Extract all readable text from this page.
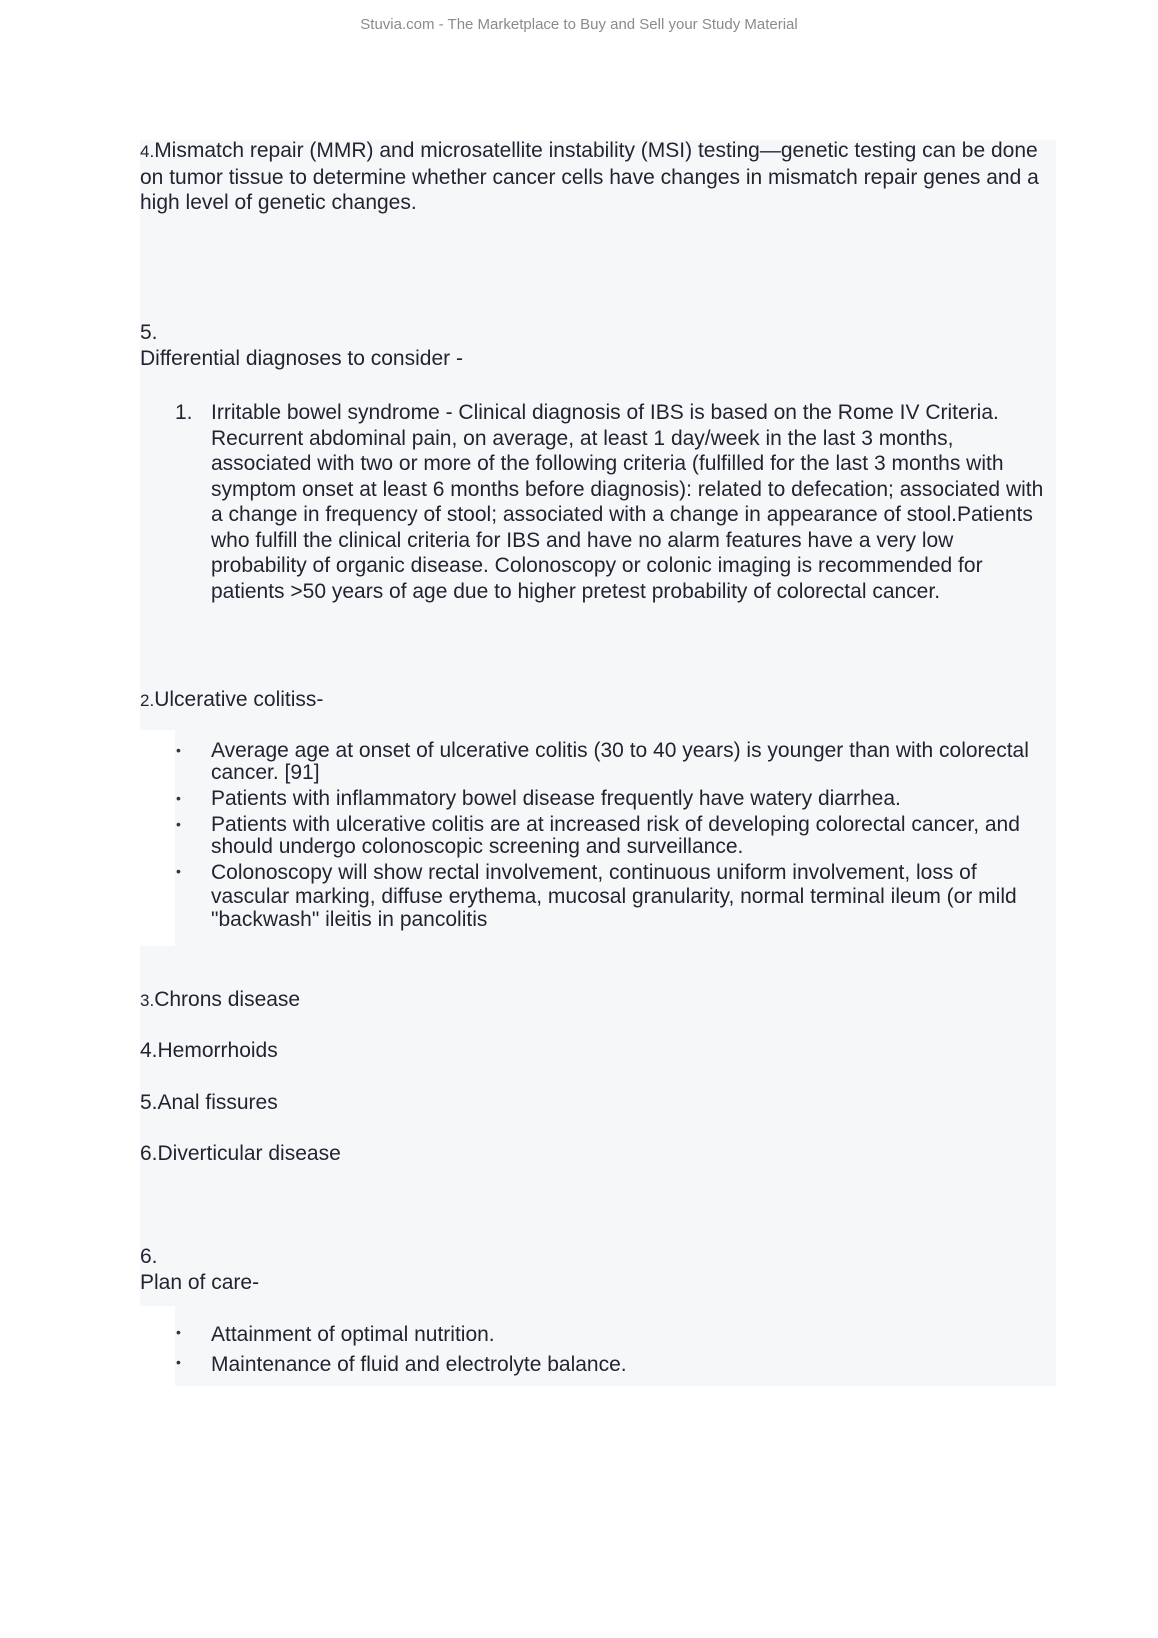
Stuvia.com - The Marketplace to Buy and Sell your Study Material
4.Mismatch repair (MMR) and microsatellite instability (MSI) testing—genetic testing can be done on tumor tissue to determine whether cancer cells have changes in mismatch repair genes and a high level of genetic changes.
5.
Differential diagnoses to consider -
1. Irritable bowel syndrome - Clinical diagnosis of IBS is based on the Rome IV Criteria. Recurrent abdominal pain, on average, at least 1 day/week in the last 3 months, associated with two or more of the following criteria (fulfilled for the last 3 months with symptom onset at least 6 months before diagnosis): related to defecation; associated with a change in frequency of stool; associated with a change in appearance of stool.Patients who fulfill the clinical criteria for IBS and have no alarm features have a very low probability of organic disease. Colonoscopy or colonic imaging is recommended for patients >50 years of age due to higher pretest probability of colorectal cancer.
2.Ulcerative colitiss-
• Average age at onset of ulcerative colitis (30 to 40 years) is younger than with colorectal cancer. [91]
• Patients with inflammatory bowel disease frequently have watery diarrhea.
• Patients with ulcerative colitis are at increased risk of developing colorectal cancer, and should undergo colonoscopic screening and surveillance.
• Colonoscopy will show rectal involvement, continuous uniform involvement, loss of vascular marking, diffuse erythema, mucosal granularity, normal terminal ileum (or mild "backwash" ileitis in pancolitis
3.Chrons disease
4.Hemorrhoids
5.Anal fissures
6.Diverticular disease
6.
Plan of care-
• Attainment of optimal nutrition.
• Maintenance of fluid and electrolyte balance.
